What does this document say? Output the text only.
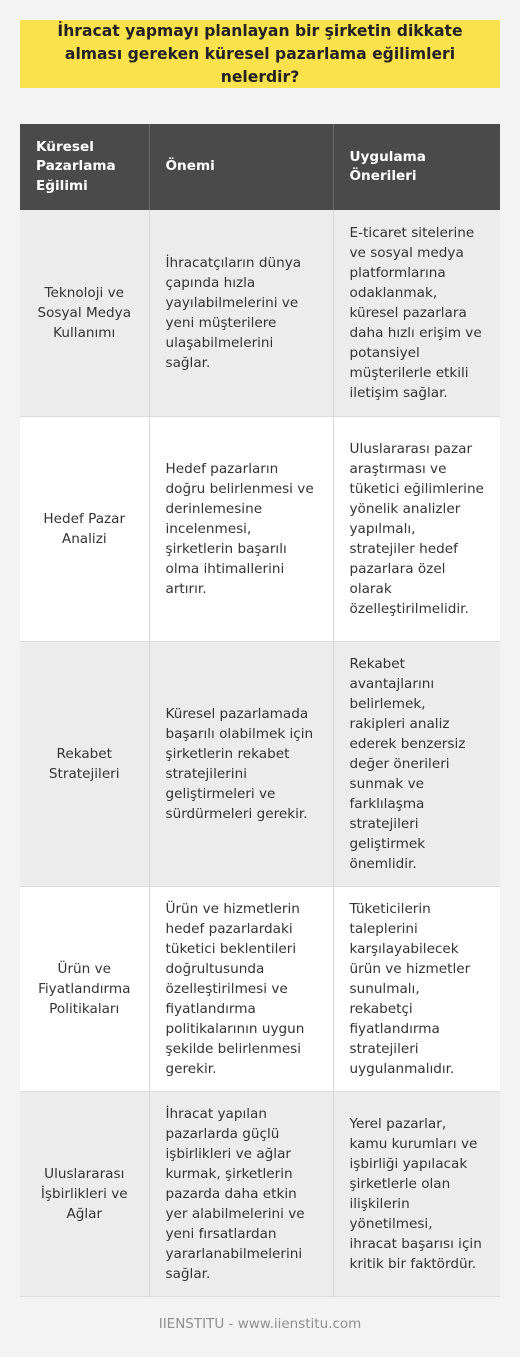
İhracat yapmayı planlayan bir şirketin dikkate alması gereken küresel pazarlama eğilimleri nelerdir?
Küresel Pazarlama Eğilimi	Önemi	Uygulama Önerileri
Teknoloji ve Sosyal Medya Kullanımı	İhracatçıların dünya çapında hızla yayılabilmelerini ve yeni müşterilere ulaşabilmelerini sağlar.	E-ticaret sitelerine ve sosyal medya platformlarına odaklanmak, küresel pazarlara daha hızlı erişim ve potansiyel müşterilerle etkili iletişim sağlar.
Hedef Pazar Analizi	Hedef pazarların doğru belirlenmesi ve derinlemesine incelenmesi, şirketlerin başarılı olma ihtimallerini artırır.	Uluslararası pazar araştırması ve tüketici eğilimlerine yönelik analizler yapılmalı, stratejiler hedef pazarlara özel olarak özelleştirilmelidir.
Rekabet Stratejileri	Küresel pazarlamada başarılı olabilmek için şirketlerin rekabet stratejilerini geliştirmeleri ve sürdürmeleri gerekir.	Rekabet avantajlarını belirlemek, rakipleri analiz ederek benzersiz değer önerileri sunmak ve farklılaşma stratejileri geliştirmek önemlidir.
Ürün ve Fiyatlandırma Politikaları	Ürün ve hizmetlerin hedef pazarlardaki tüketici beklentileri doğrultusunda özelleştirilmesi ve fiyatlandırma politikalarının uygun şekilde belirlenmesi gerekir.	Tüketicilerin taleplerini karşılayabilecek ürün ve hizmetler sunulmalı, rekabetçi fiyatlandırma stratejileri uygulanmalıdır.
Uluslararası İşbirlikleri ve Ağlar	İhracat yapılan pazarlarda güçlü işbirlikleri ve ağlar kurmak, şirketlerin pazarda daha etkin yer alabilmelerini ve yeni fırsatlardan yararlanabilmelerini sağlar.	Yerel pazarlar, kamu kurumları ve işbirliği yapılacak şirketlerle olan ilişkilerin yönetilmesi, ihracat başarısı için kritik bir faktördür.
IIENSTITU - www.iienstitu.com
